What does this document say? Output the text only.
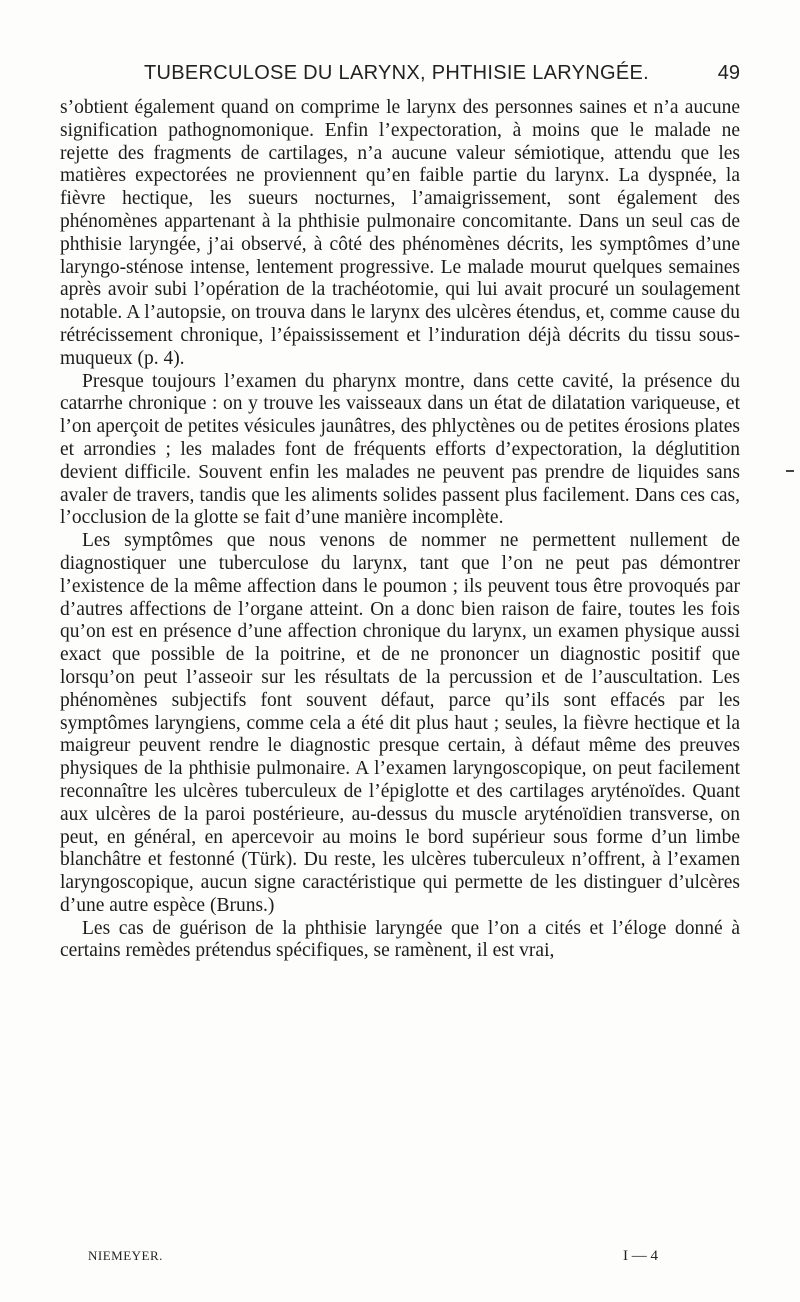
TUBERCULOSE DU LARYNX, PHTHISIE LARYNGÉE.	49

s’obtient également quand on comprime le larynx des personnes saines et n’a aucune signification pathognomonique. Enfin l’expectoration, à moins que le malade ne rejette des fragments de cartilages, n’a aucune valeur sémiotique, attendu que les matières expectorées ne proviennent qu’en faible partie du larynx. La dyspnée, la fièvre hectique, les sueurs nocturnes, l’amaigrissement, sont également des phénomènes appartenant à la phthisie pulmonaire concomitante. Dans un seul cas de phthisie laryngée, j’ai observé, à côté des phénomènes décrits, les symptômes d’une laryngo-sténose intense, lentement progressive. Le malade mourut quelques semaines après avoir subi l’opération de la trachéotomie, qui lui avait procuré un soulagement notable. A l’autopsie, on trouva dans le larynx des ulcères étendus, et, comme cause du rétrécissement chronique, l’épaississement et l’induration déjà décrits du tissu sous-muqueux (p. 4).

Presque toujours l’examen du pharynx montre, dans cette cavité, la présence du catarrhe chronique : on y trouve les vaisseaux dans un état de dilatation variqueuse, et l’on aperçoit de petites vésicules jaunâtres, des phlyctènes ou de petites érosions plates et arrondies ; les malades font de fréquents efforts d’expectoration, la déglutition devient difficile. Souvent enfin les malades ne peuvent pas prendre de liquides sans avaler de travers, tandis que les aliments solides passent plus facilement. Dans ces cas, l’occlusion de la glotte se fait d’une manière incomplète.

Les symptômes que nous venons de nommer ne permettent nullement de diagnostiquer une tuberculose du larynx, tant que l’on ne peut pas démontrer l’existence de la même affection dans le poumon ; ils peuvent tous être provoqués par d’autres affections de l’organe atteint. On a donc bien raison de faire, toutes les fois qu’on est en présence d’une affection chronique du larynx, un examen physique aussi exact que possible de la poitrine, et de ne prononcer un diagnostic positif que lorsqu’on peut l’asseoir sur les résultats de la percussion et de l’auscultation. Les phénomènes subjectifs font souvent défaut, parce qu’ils sont effacés par les symptômes laryngiens, comme cela a été dit plus haut ; seules, la fièvre hectique et la maigreur peuvent rendre le diagnostic presque certain, à défaut même des preuves physiques de la phthisie pulmonaire. A l’examen laryngoscopique, on peut facilement reconnaître les ulcères tuberculeux de l’épiglotte et des cartilages aryténoïdes. Quant aux ulcères de la paroi postérieure, au-dessus du muscle aryténoïdien transverse, on peut, en général, en apercevoir au moins le bord supérieur sous forme d’un limbe blanchâtre et festonné (Türk). Du reste, les ulcères tuberculeux n’offrent, à l’examen laryngoscopique, aucun signe caractéristique qui permette de les distinguer d’ulcères d’une autre espèce (Bruns.)

Les cas de guérison de la phthisie laryngée que l’on a cités et l’éloge donné à certains remèdes prétendus spécifiques, se ramènent, il est vrai,

NIEMEYER.	I — 4
